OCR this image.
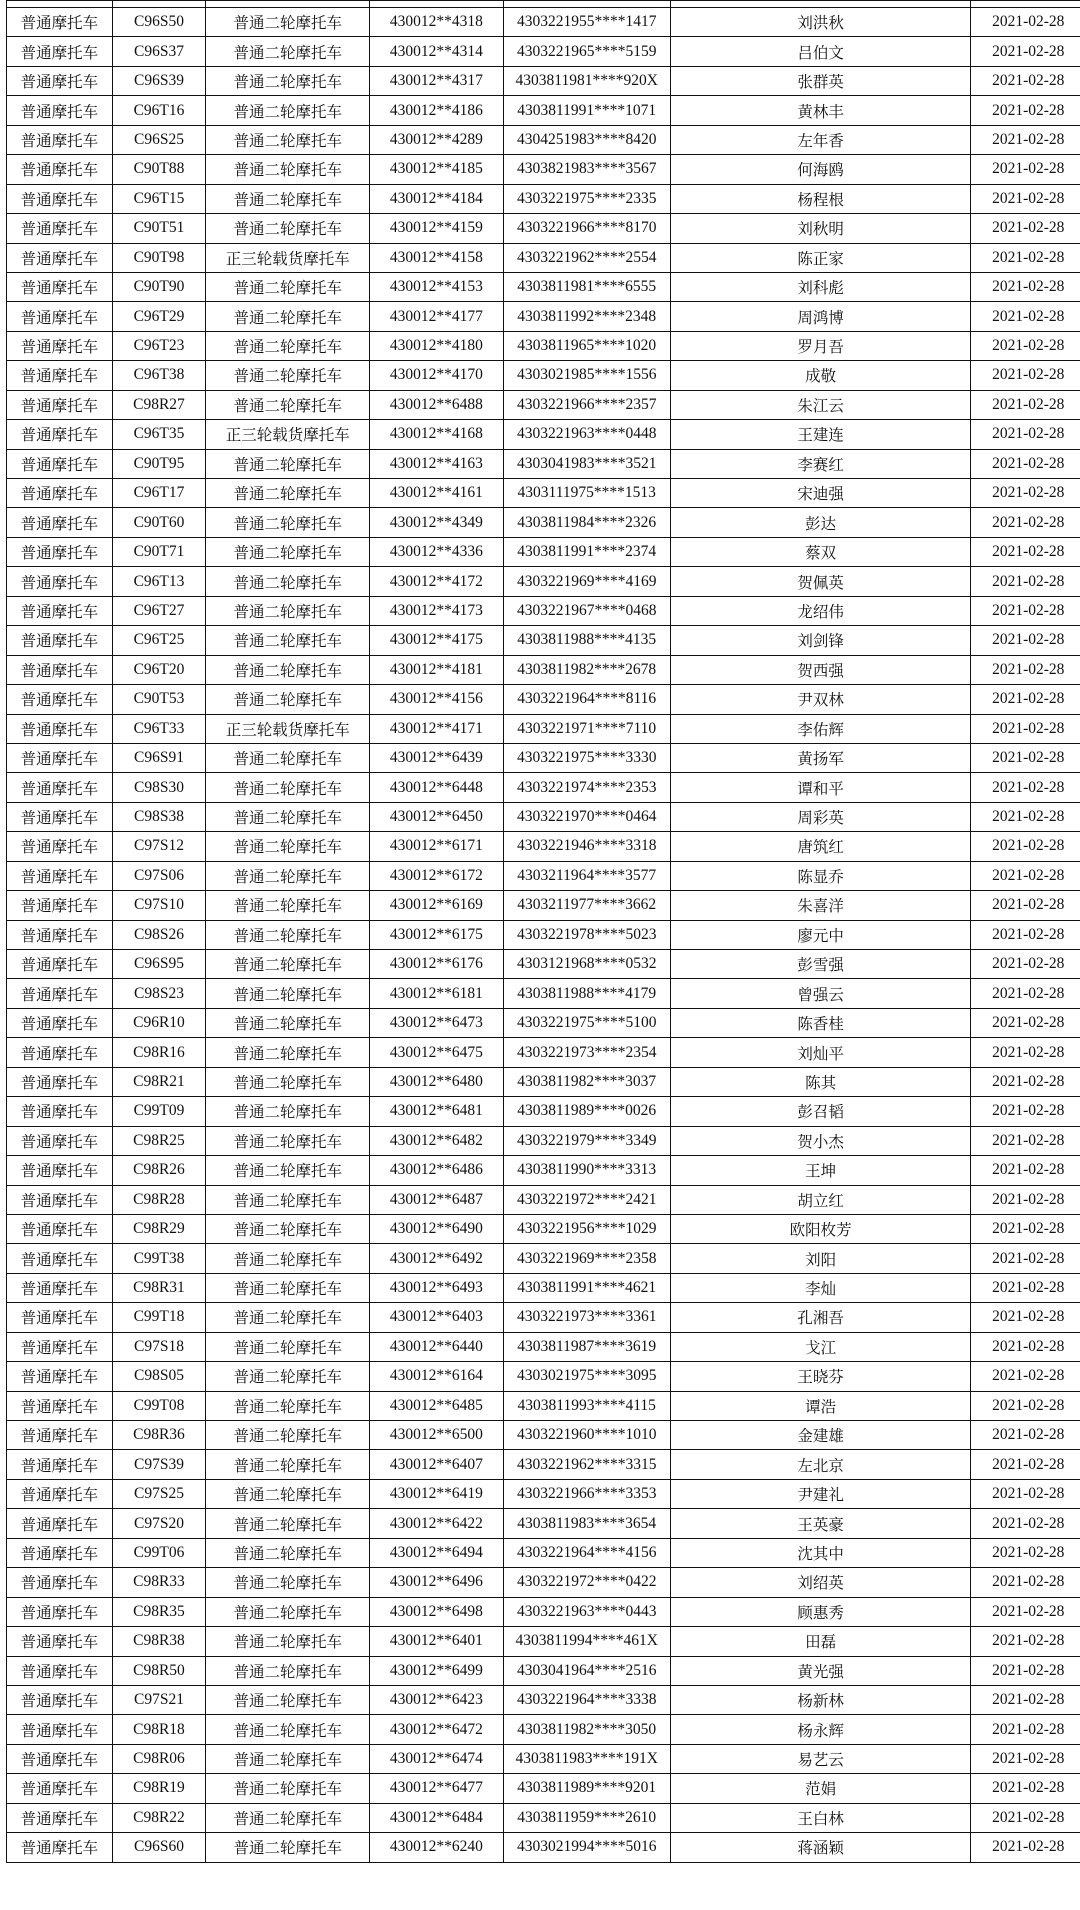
普通摩托车	C96S50	普通二轮摩托车	430012**4318	4303221955****1417	刘洪秋	2021-02-28
普通摩托车	C96S37	普通二轮摩托车	430012**4314	4303221965****5159	吕伯文	2021-02-28
普通摩托车	C96S39	普通二轮摩托车	430012**4317	4303811981****920X	张群英	2021-02-28
普通摩托车	C96T16	普通二轮摩托车	430012**4186	4303811991****1071	黄林丰	2021-02-28
普通摩托车	C96S25	普通二轮摩托车	430012**4289	4304251983****8420	左年香	2021-02-28
普通摩托车	C90T88	普通二轮摩托车	430012**4185	4303821983****3567	何海鸥	2021-02-28
普通摩托车	C96T15	普通二轮摩托车	430012**4184	4303221975****2335	杨程根	2021-02-28
普通摩托车	C90T51	普通二轮摩托车	430012**4159	4303221966****8170	刘秋明	2021-02-28
普通摩托车	C90T98	正三轮载货摩托车	430012**4158	4303221962****2554	陈正家	2021-02-28
普通摩托车	C90T90	普通二轮摩托车	430012**4153	4303811981****6555	刘科彪	2021-02-28
普通摩托车	C96T29	普通二轮摩托车	430012**4177	4303811992****2348	周鸿博	2021-02-28
普通摩托车	C96T23	普通二轮摩托车	430012**4180	4303811965****1020	罗月吾	2021-02-28
普通摩托车	C96T38	普通二轮摩托车	430012**4170	4303021985****1556	成敬	2021-02-28
普通摩托车	C98R27	普通二轮摩托车	430012**6488	4303221966****2357	朱江云	2021-02-28
普通摩托车	C96T35	正三轮载货摩托车	430012**4168	4303221963****0448	王建连	2021-02-28
普通摩托车	C90T95	普通二轮摩托车	430012**4163	4303041983****3521	李赛红	2021-02-28
普通摩托车	C96T17	普通二轮摩托车	430012**4161	4303111975****1513	宋迪强	2021-02-28
普通摩托车	C90T60	普通二轮摩托车	430012**4349	4303811984****2326	彭达	2021-02-28
普通摩托车	C90T71	普通二轮摩托车	430012**4336	4303811991****2374	蔡双	2021-02-28
普通摩托车	C96T13	普通二轮摩托车	430012**4172	4303221969****4169	贺佩英	2021-02-28
普通摩托车	C96T27	普通二轮摩托车	430012**4173	4303221967****0468	龙绍伟	2021-02-28
普通摩托车	C96T25	普通二轮摩托车	430012**4175	4303811988****4135	刘剑锋	2021-02-28
普通摩托车	C96T20	普通二轮摩托车	430012**4181	4303811982****2678	贺西强	2021-02-28
普通摩托车	C90T53	普通二轮摩托车	430012**4156	4303221964****8116	尹双林	2021-02-28
普通摩托车	C96T33	正三轮载货摩托车	430012**4171	4303221971****7110	李佑辉	2021-02-28
普通摩托车	C96S91	普通二轮摩托车	430012**6439	4303221975****3330	黄扬军	2021-02-28
普通摩托车	C98S30	普通二轮摩托车	430012**6448	4303221974****2353	谭和平	2021-02-28
普通摩托车	C98S38	普通二轮摩托车	430012**6450	4303221970****0464	周彩英	2021-02-28
普通摩托车	C97S12	普通二轮摩托车	430012**6171	4303221946****3318	唐筑红	2021-02-28
普通摩托车	C97S06	普通二轮摩托车	430012**6172	4303211964****3577	陈显乔	2021-02-28
普通摩托车	C97S10	普通二轮摩托车	430012**6169	4303211977****3662	朱喜洋	2021-02-28
普通摩托车	C98S26	普通二轮摩托车	430012**6175	4303221978****5023	廖元中	2021-02-28
普通摩托车	C96S95	普通二轮摩托车	430012**6176	4303121968****0532	彭雪强	2021-02-28
普通摩托车	C98S23	普通二轮摩托车	430012**6181	4303811988****4179	曾强云	2021-02-28
普通摩托车	C96R10	普通二轮摩托车	430012**6473	4303221975****5100	陈香桂	2021-02-28
普通摩托车	C98R16	普通二轮摩托车	430012**6475	4303221973****2354	刘灿平	2021-02-28
普通摩托车	C98R21	普通二轮摩托车	430012**6480	4303811982****3037	陈其	2021-02-28
普通摩托车	C99T09	普通二轮摩托车	430012**6481	4303811989****0026	彭召韬	2021-02-28
普通摩托车	C98R25	普通二轮摩托车	430012**6482	4303221979****3349	贺小杰	2021-02-28
普通摩托车	C98R26	普通二轮摩托车	430012**6486	4303811990****3313	王坤	2021-02-28
普通摩托车	C98R28	普通二轮摩托车	430012**6487	4303221972****2421	胡立红	2021-02-28
普通摩托车	C98R29	普通二轮摩托车	430012**6490	4303221956****1029	欧阳枚芳	2021-02-28
普通摩托车	C99T38	普通二轮摩托车	430012**6492	4303221969****2358	刘阳	2021-02-28
普通摩托车	C98R31	普通二轮摩托车	430012**6493	4303811991****4621	李灿	2021-02-28
普通摩托车	C99T18	普通二轮摩托车	430012**6403	4303221973****3361	孔湘吾	2021-02-28
普通摩托车	C97S18	普通二轮摩托车	430012**6440	4303811987****3619	戈江	2021-02-28
普通摩托车	C98S05	普通二轮摩托车	430012**6164	4303021975****3095	王晓芬	2021-02-28
普通摩托车	C99T08	普通二轮摩托车	430012**6485	4303811993****4115	谭浩	2021-02-28
普通摩托车	C98R36	普通二轮摩托车	430012**6500	4303221960****1010	金建雄	2021-02-28
普通摩托车	C97S39	普通二轮摩托车	430012**6407	4303221962****3315	左北京	2021-02-28
普通摩托车	C97S25	普通二轮摩托车	430012**6419	4303221966****3353	尹建礼	2021-02-28
普通摩托车	C97S20	普通二轮摩托车	430012**6422	4303811983****3654	王英豪	2021-02-28
普通摩托车	C99T06	普通二轮摩托车	430012**6494	4303221964****4156	沈其中	2021-02-28
普通摩托车	C98R33	普通二轮摩托车	430012**6496	4303221972****0422	刘绍英	2021-02-28
普通摩托车	C98R35	普通二轮摩托车	430012**6498	4303221963****0443	顾惠秀	2021-02-28
普通摩托车	C98R38	普通二轮摩托车	430012**6401	4303811994****461X	田磊	2021-02-28
普通摩托车	C98R50	普通二轮摩托车	430012**6499	4303041964****2516	黄光强	2021-02-28
普通摩托车	C97S21	普通二轮摩托车	430012**6423	4303221964****3338	杨新林	2021-02-28
普通摩托车	C98R18	普通二轮摩托车	430012**6472	4303811982****3050	杨永辉	2021-02-28
普通摩托车	C98R06	普通二轮摩托车	430012**6474	4303811983****191X	易艺云	2021-02-28
普通摩托车	C98R19	普通二轮摩托车	430012**6477	4303811989****9201	范娟	2021-02-28
普通摩托车	C98R22	普通二轮摩托车	430012**6484	4303811959****2610	王白林	2021-02-28
普通摩托车	C96S60	普通二轮摩托车	430012**6240	4303021994****5016	蒋涵颖	2021-02-28
